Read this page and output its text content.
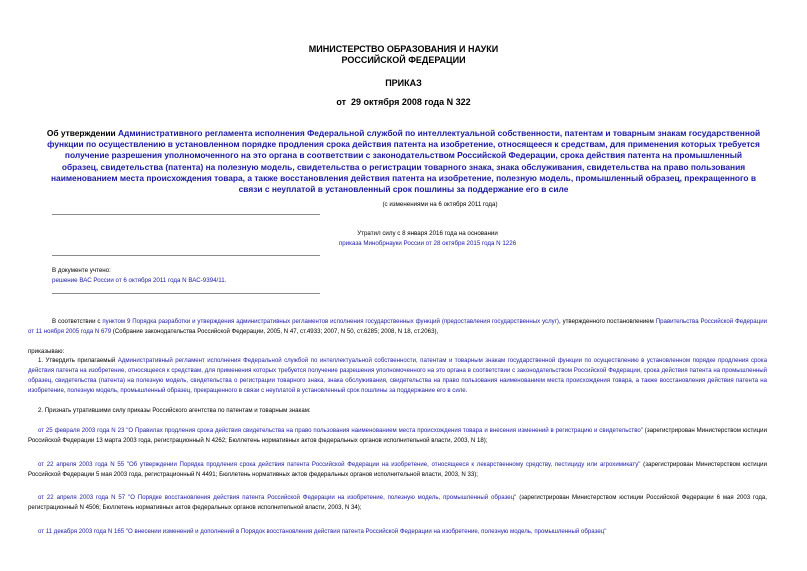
МИНИСТЕРСТВО ОБРАЗОВАНИЯ И НАУКИ
РОССИЙСКОЙ ФЕДЕРАЦИИ
ПРИКАЗ
от  29 октября 2008 года N 322
Об утверждении Административного регламента исполнения Федеральной службой по интеллектуальной собственности, патентам и товарным знакам государственной функции по осуществлению в установленном порядке продления срока действия патента на изобретение, относящееся к средствам, для применения которых требуется получение разрешения уполномоченного на это органа в соответствии с законодательством Российской Федерации, срока действия патента на промышленный образец, свидетельства (патента) на полезную модель, свидетельства о регистрации товарного знака, знака обслуживания, свидетельства на право пользования наименованием места происхождения товара, а также восстановления действия патента на изобретение, полезную модель, промышленный образец, прекращенного в связи с неуплатой в установленный срок пошлины за поддержание его в силе
(с изменениями на 6 октября 2011 года)
Утратил силу с 8 января 2016 года на основании
приказа Минобрнауки России от 28 октября 2015 года N 1226
В документе учтено:
решение ВАС России от 6 октября 2011 года N ВАС-9394/11.
В соответствии с пунктом 9 Порядка разработки и утверждения административных регламентов исполнения государственных функций (предоставления государственных услуг), утвержденного постановлением Правительства Российской Федерации от 11 ноября 2005 года N 679 (Собрание законодательства Российской Федерации, 2005, N 47, ст.4933; 2007, N 50, ст.6285; 2008, N 18, ст.2063),
приказываю:
1. Утвердить прилагаемый Административный регламент исполнения Федеральной службой по интеллектуальной собственности, патентам и товарным знакам государственной функции по осуществлению в установленном порядке продления срока действия патента на изобретение, относящееся к средствам, для применения которых требуется получение разрешения уполномоченного на это органа в соответствии с законодательством Российской Федерации, срока действия патента на промышленный образец, свидетельства (патента) на полезную модель, свидетельства о регистрации товарного знака, знака обслуживания, свидетельства на право пользования наименованием места происхождения товара, а также восстановления действия патента на изобретение, полезную модель, промышленный образец, прекращенного в связи с неуплатой в установленный срок пошлины за поддержание его в силе.
2. Признать утратившими силу приказы Российского агентства по патентам и товарным знакам:
от 25 февраля 2003 года N 23 "О Правилах продления срока действия свидетельства на право пользования наименованием места происхождения товара и внесения изменений в регистрацию и свидетельство" (зарегистрирован Министерством юстиции Российской Федерации 13 марта 2003 года, регистрационный N 4262; Бюллетень нормативных актов федеральных органов исполнительной власти, 2003, N 18);
от 22 апреля 2003 года N 55 "Об утверждении Порядка продления срока действия патента Российской Федерации на изобретение, относящееся к лекарственному средству, пестициду или агрохимикату" (зарегистрирован Министерством юстиции Российской Федерации 5 мая 2003 года, регистрационный N 4491; Бюллетень нормативных актов федеральных органов исполнительной власти, 2003, N 33);
от 22 апреля 2003 года N 57 "О Порядке восстановления действия патента Российской Федерации на изобретение, полезную модель, промышленный образец" (зарегистрирован Министерством юстиции Российской Федерации 6 мая 2003 года, регистрационный N 4506; Бюллетень нормативных актов федеральных органов исполнительной власти, 2003, N 34);
от 11 декабря 2003 года N 165 "О внесении изменений и дополнений в Порядок восстановления действия патента Российской Федерации на изобретение, полезную модель, промышленный образец"
